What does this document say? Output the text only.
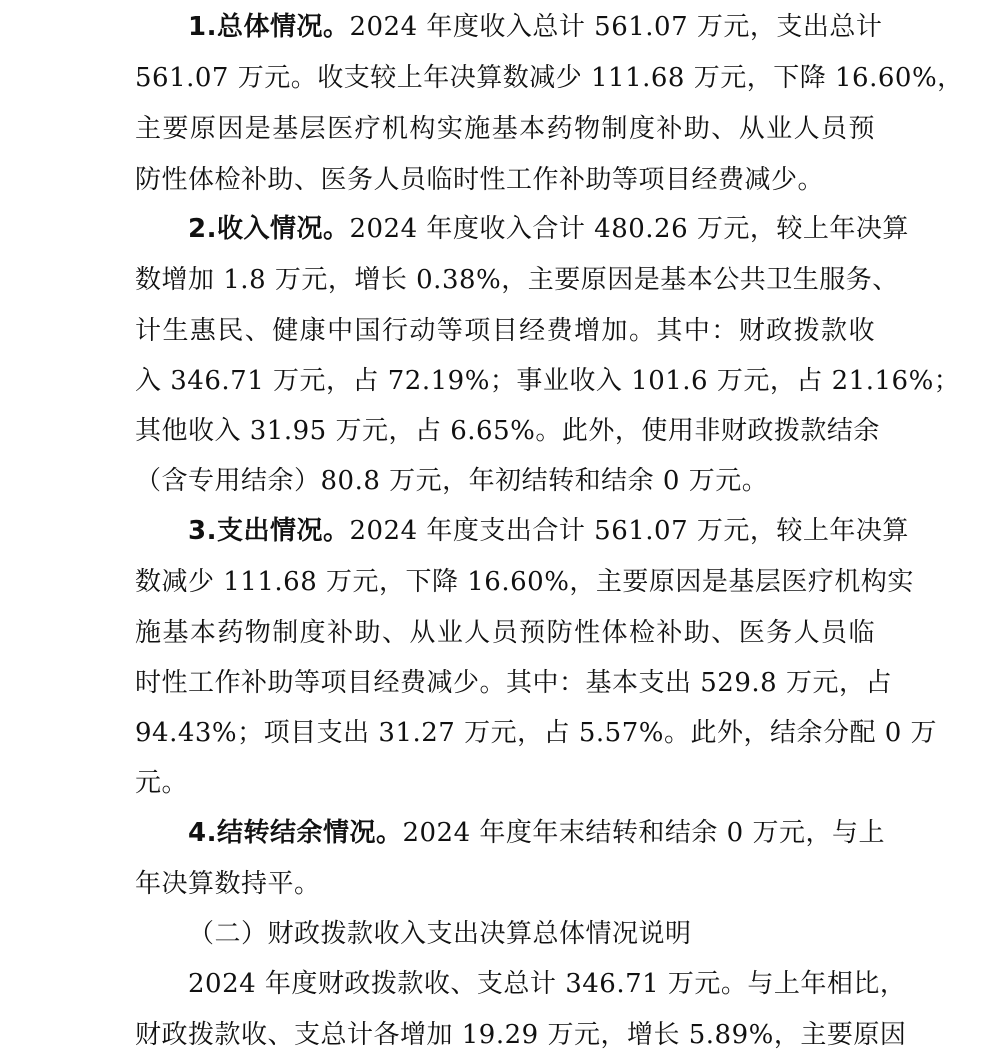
1.总体情况。2024 年度收入总计 561.07 万元，支出总计
561.07 万元。收支较上年决算数减少 111.68 万元，下降 16.60%，
主要原因是基层医疗机构实施基本药物制度补助、从业人员预
防性体检补助、医务人员临时性工作补助等项目经费减少。
2.收入情况。2024 年度收入合计 480.26 万元，较上年决算
数增加 1.8 万元，增长 0.38%，主要原因是基本公共卫生服务、
计生惠民、健康中国行动等项目经费增加。其中：财政拨款收
入 346.71 万元，占 72.19%；事业收入 101.6 万元，占 21.16%；
其他收入 31.95 万元，占 6.65%。此外，使用非财政拨款结余
（含专用结余）80.8 万元，年初结转和结余 0 万元。
3.支出情况。2024 年度支出合计 561.07 万元，较上年决算
数减少 111.68 万元，下降 16.60%，主要原因是基层医疗机构实
施基本药物制度补助、从业人员预防性体检补助、医务人员临
时性工作补助等项目经费减少。其中：基本支出 529.8 万元，占
94.43%；项目支出 31.27 万元，占 5.57%。此外，结余分配 0 万
元。
4.结转结余情况。2024 年度年末结转和结余 0 万元，与上
年决算数持平。
（二）财政拨款收入支出决算总体情况说明
2024 年度财政拨款收、支总计 346.71 万元。与上年相比，
财政拨款收、支总计各增加 19.29 万元，增长 5.89%，主要原因
